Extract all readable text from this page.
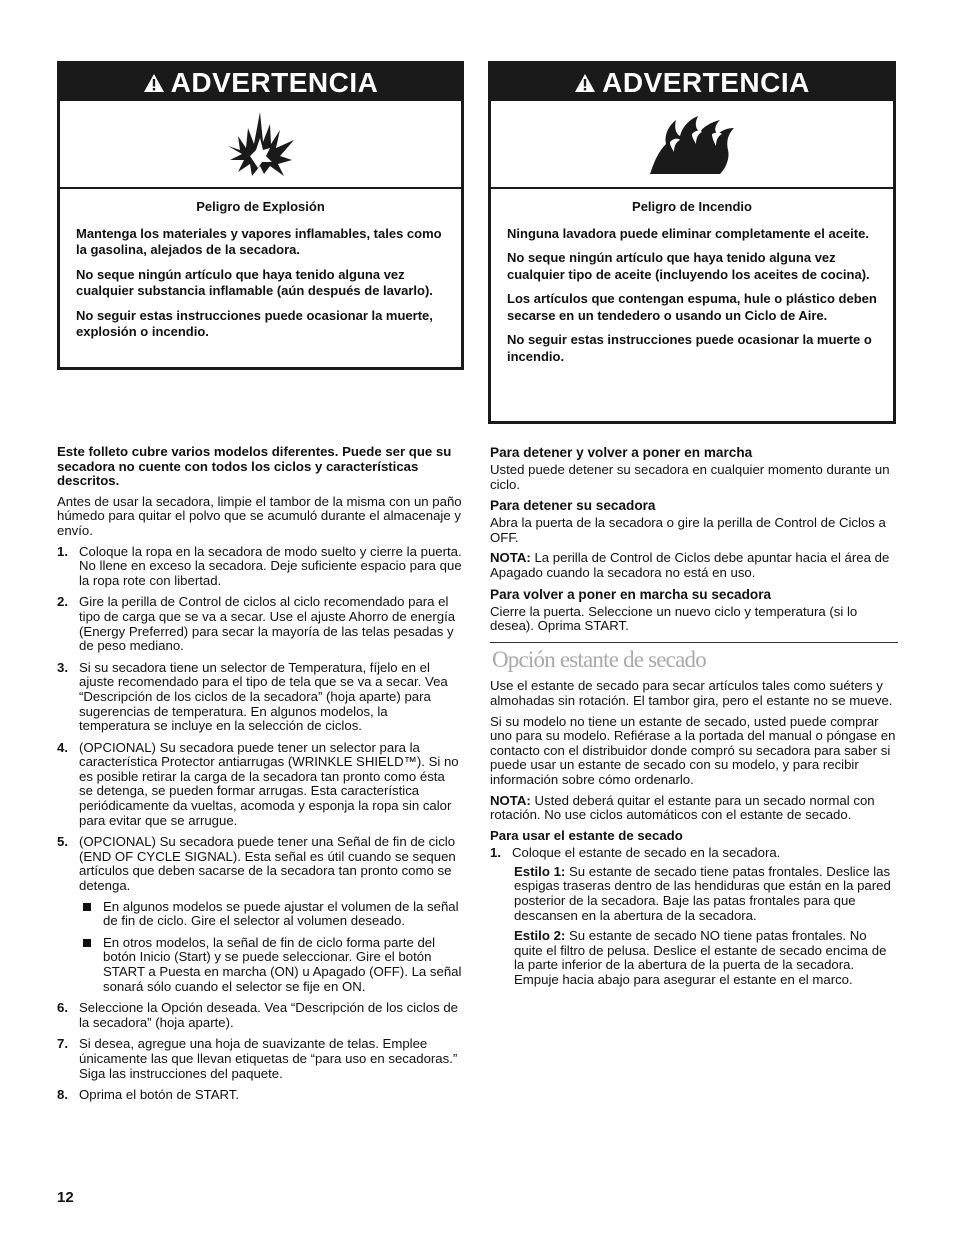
ADVERTENCIA

Peligro de Explosión

Mantenga los materiales y vapores inflamables, tales como la gasolina, alejados de la secadora.

No seque ningún artículo que haya tenido alguna vez cualquier substancia inflamable (aún después de lavarlo).

No seguir estas instrucciones puede ocasionar la muerte, explosión o incendio.

ADVERTENCIA

Peligro de Incendio

Ninguna lavadora puede eliminar completamente el aceite.

No seque ningún artículo que haya tenido alguna vez cualquier tipo de aceite (incluyendo los aceites de cocina).

Los artículos que contengan espuma, hule o plástico deben secarse en un tendedero o usando un Ciclo de Aire.

No seguir estas instrucciones puede ocasionar la muerte o incendio.

Este folleto cubre varios modelos diferentes. Puede ser que su secadora no cuente con todos los ciclos y características descritos.

Antes de usar la secadora, limpie el tambor de la misma con un paño húmedo para quitar el polvo que se acumuló durante el almacenaje y envío.

1. Coloque la ropa en la secadora de modo suelto y cierre la puerta. No llene en exceso la secadora. Deje suficiente espacio para que la ropa rote con libertad.
2. Gire la perilla de Control de ciclos al ciclo recomendado para el tipo de carga que se va a secar. Use el ajuste Ahorro de energía (Energy Preferred) para secar la mayoría de las telas pesadas y de peso mediano.
3. Si su secadora tiene un selector de Temperatura, fíjelo en el ajuste recomendado para el tipo de tela que se va a secar. Vea “Descripción de los ciclos de la secadora” (hoja aparte) para sugerencias de temperatura. En algunos modelos, la temperatura se incluye en la selección de ciclos.
4. (OPCIONAL) Su secadora puede tener un selector para la característica Protector antiarrugas (WRINKLE SHIELD™). Si no es posible retirar la carga de la secadora tan pronto como ésta se detenga, se pueden formar arrugas. Esta característica periódicamente da vueltas, acomoda y esponja la ropa sin calor para evitar que se arrugue.
5. (OPCIONAL) Su secadora puede tener una Señal de fin de ciclo (END OF CYCLE SIGNAL). Esta señal es útil cuando se sequen artículos que deben sacarse de la secadora tan pronto como se detenga.
En algunos modelos se puede ajustar el volumen de la señal de fin de ciclo. Gire el selector al volumen deseado.
En otros modelos, la señal de fin de ciclo forma parte del botón Inicio (Start) y se puede seleccionar. Gire el botón START a Puesta en marcha (ON) u Apagado (OFF). La señal sonará sólo cuando el selector se fije en ON.
6. Seleccione la Opción deseada. Vea “Descripción de los ciclos de la secadora” (hoja aparte).
7. Si desea, agregue una hoja de suavizante de telas. Emplee únicamente las que llevan etiquetas de “para uso en secadoras.” Siga las instrucciones del paquete.
8. Oprima el botón de START.
Para detener y volver a poner en marcha

Usted puede detener su secadora en cualquier momento durante un ciclo.

Para detener su secadora

Abra la puerta de la secadora o gire la perilla de Control de Ciclos a OFF.

NOTA: La perilla de Control de Ciclos debe apuntar hacia el área de Apagado cuando la secadora no está en uso.

Para volver a poner en marcha su secadora

Cierre la puerta. Seleccione un nuevo ciclo y temperatura (si lo desea). Oprima START.

Opción estante de secado

Use el estante de secado para secar artículos tales como suéters y almohadas sin rotación. El tambor gira, pero el estante no se mueve.

Si su modelo no tiene un estante de secado, usted puede comprar uno para su modelo. Refiérase a la portada del manual o póngase en contacto con el distribuidor donde compró su secadora para saber si puede usar un estante de secado con su modelo, y para recibir información sobre cómo ordenarlo.

NOTA: Usted deberá quitar el estante para un secado normal con rotación. No use ciclos automáticos con el estante de secado.

Para usar el estante de secado

1. Coloque el estante de secado en la secadora.

Estilo 1: Su estante de secado tiene patas frontales. Deslice las espigas traseras dentro de las hendiduras que están en la pared posterior de la secadora. Baje las patas frontales para que descansen en la abertura de la secadora.

Estilo 2: Su estante de secado NO tiene patas frontales. No quite el filtro de pelusa. Deslice el estante de secado encima de la parte inferior de la abertura de la puerta de la secadora. Empuje hacia abajo para asegurar el estante en el marco.

12
